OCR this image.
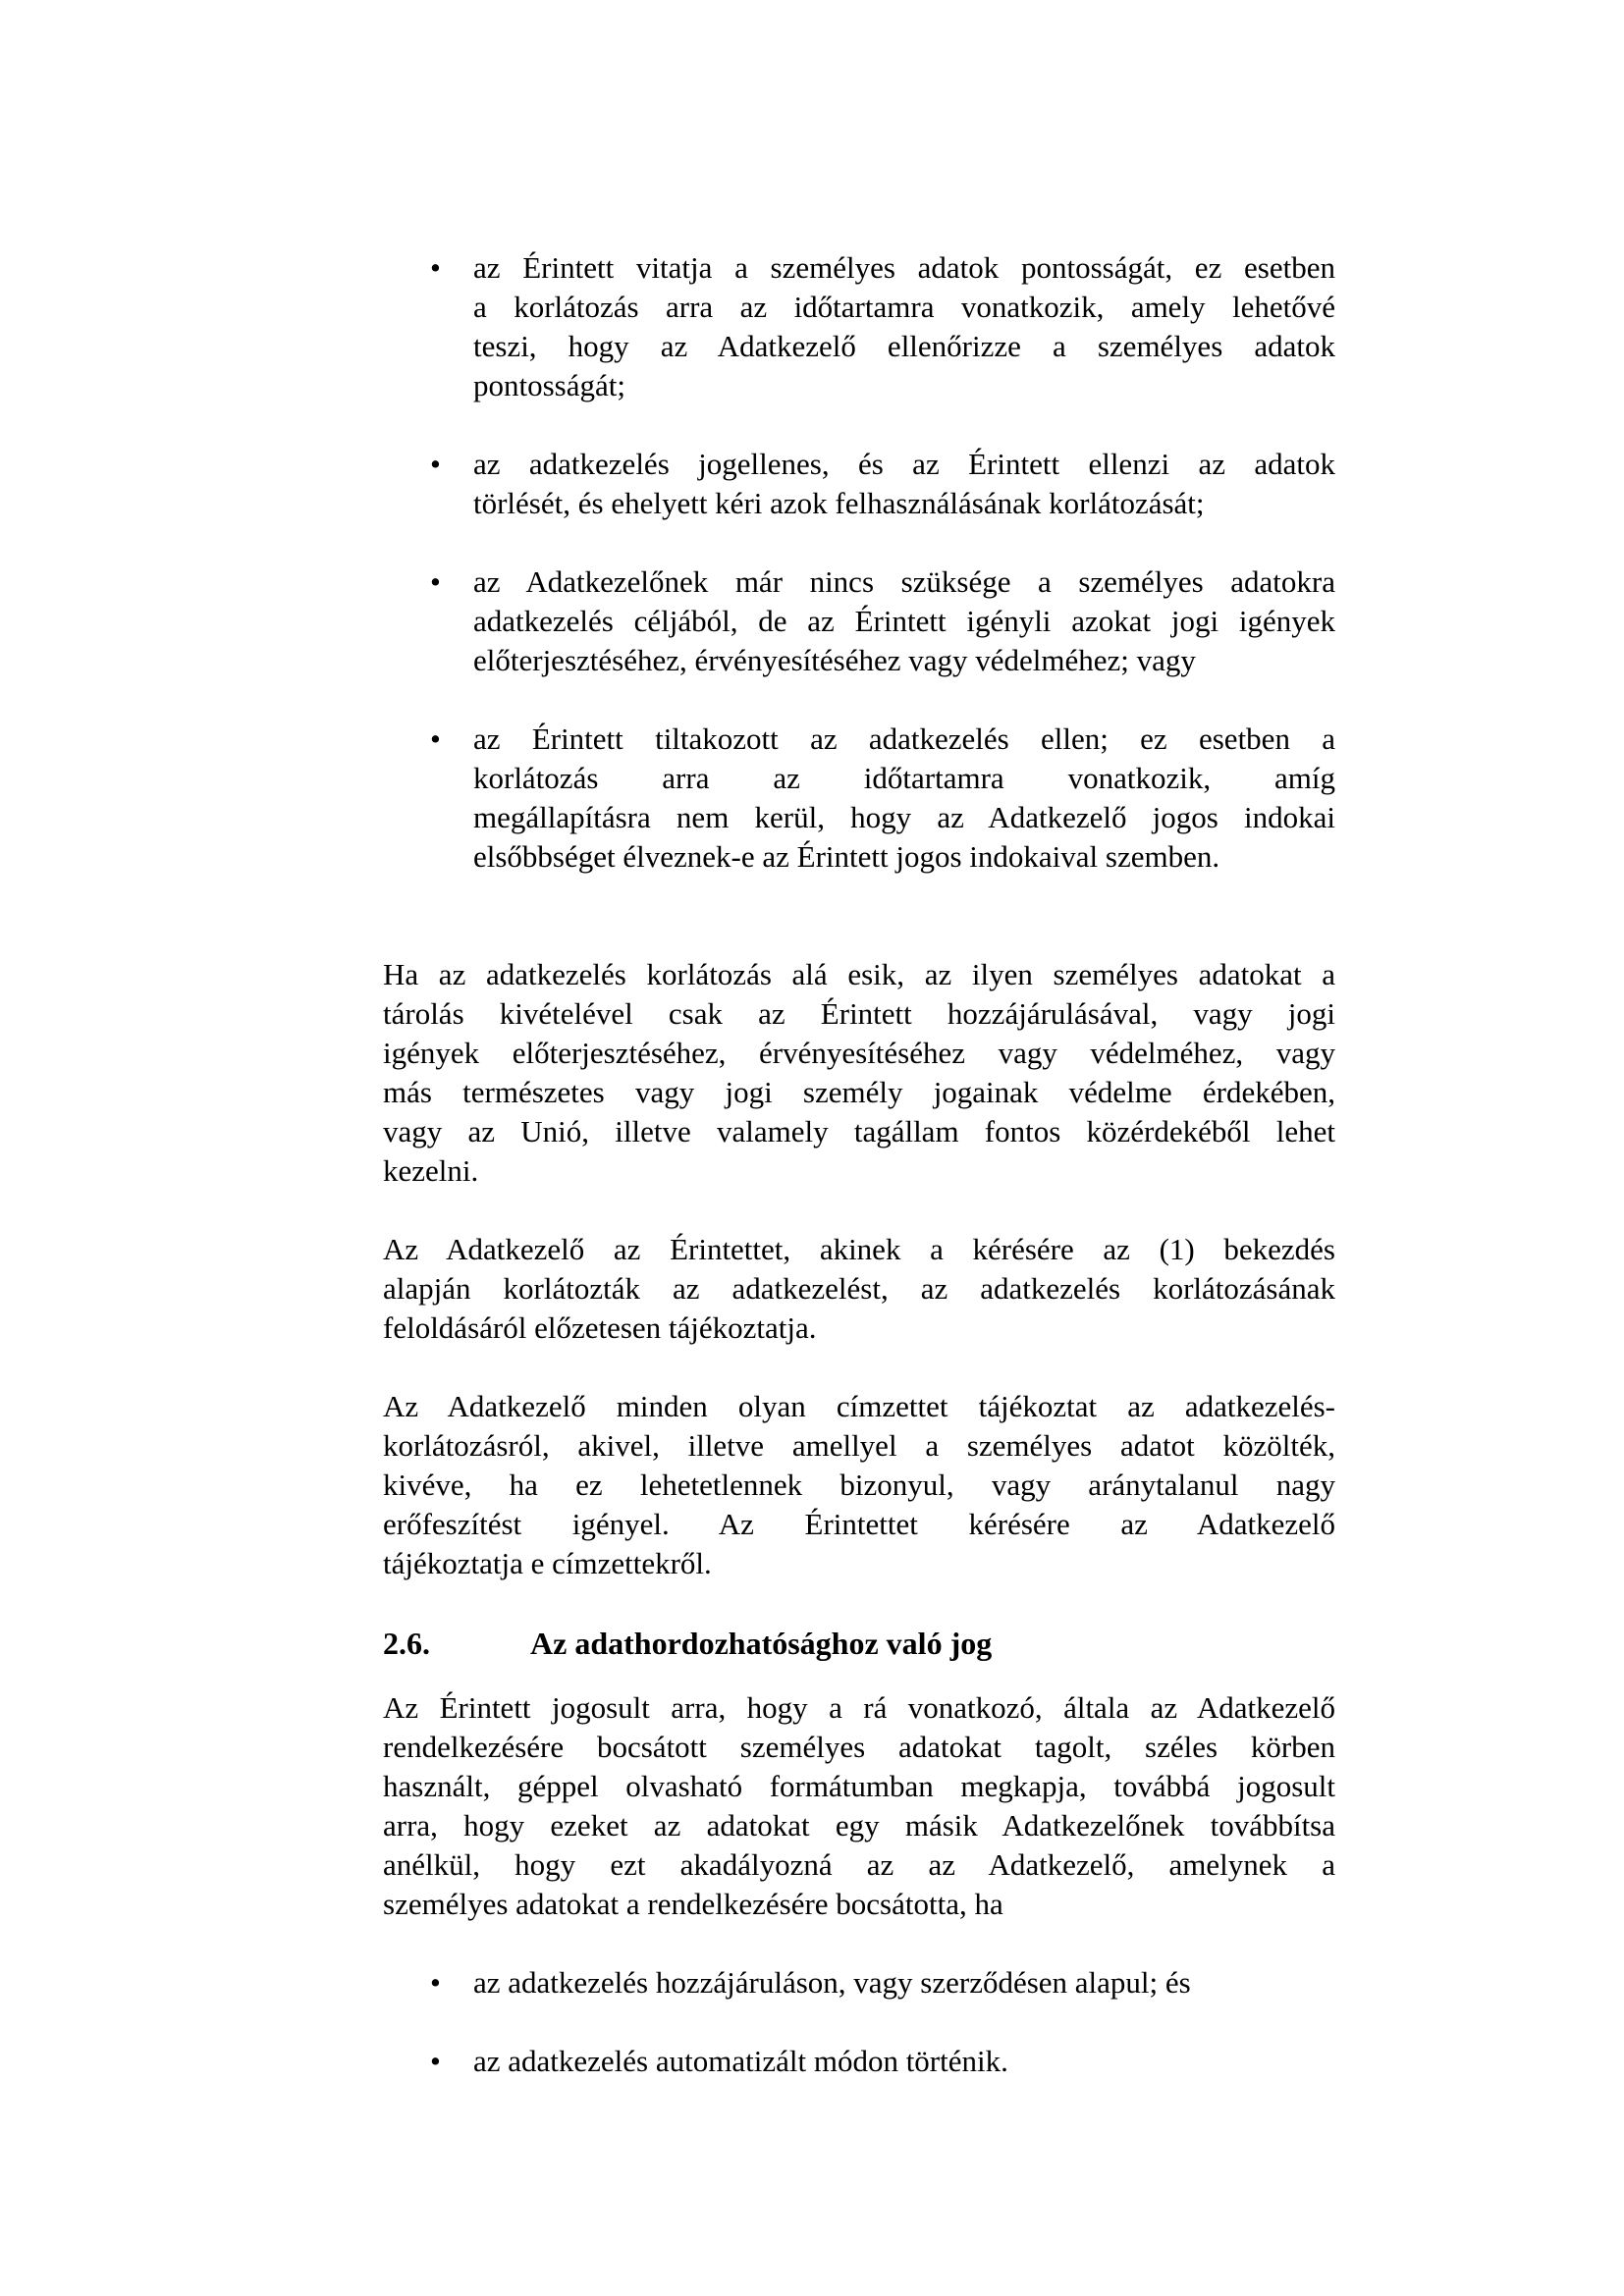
• az Érintett vitatja a személyes adatok pontosságát, ez esetben
a korlátozás arra az időtartamra vonatkozik, amely lehetővé
teszi, hogy az Adatkezelő ellenőrizze a személyes adatok
pontosságát;
• az adatkezelés jogellenes, és az Érintett ellenzi az adatok
törlését, és ehelyett kéri azok felhasználásának korlátozását;
• az Adatkezelőnek már nincs szüksége a személyes adatokra
adatkezelés céljából, de az Érintett igényli azokat jogi igények
előterjesztéséhez, érvényesítéséhez vagy védelméhez; vagy
• az Érintett tiltakozott az adatkezelés ellen; ez esetben a
korlátozás arra az időtartamra vonatkozik, amíg
megállapításra nem kerül, hogy az Adatkezelő jogos indokai
elsőbbséget élveznek-e az Érintett jogos indokaival szemben.
Ha az adatkezelés korlátozás alá esik, az ilyen személyes adatokat a
tárolás kivételével csak az Érintett hozzájárulásával, vagy jogi
igények előterjesztéséhez, érvényesítéséhez vagy védelméhez, vagy
más természetes vagy jogi személy jogainak védelme érdekében,
vagy az Unió, illetve valamely tagállam fontos közérdekéből lehet
kezelni.
Az Adatkezelő az Érintettet, akinek a kérésére az (1) bekezdés
alapján korlátozták az adatkezelést, az adatkezelés korlátozásának
feloldásáról előzetesen tájékoztatja.
Az Adatkezelő minden olyan címzettet tájékoztat az adatkezelés-
korlátozásról, akivel, illetve amellyel a személyes adatot közölték,
kivéve, ha ez lehetetlennek bizonyul, vagy aránytalanul nagy
erőfeszítést igényel. Az Érintettet kérésére az Adatkezelő
tájékoztatja e címzettekről.
2.6.	Az adathordozhatósághoz való jog
Az Érintett jogosult arra, hogy a rá vonatkozó, általa az Adatkezelő
rendelkezésére bocsátott személyes adatokat tagolt, széles körben
használt, géppel olvasható formátumban megkapja, továbbá jogosult
arra, hogy ezeket az adatokat egy másik Adatkezelőnek továbbítsa
anélkül, hogy ezt akadályozná az az Adatkezelő, amelynek a
személyes adatokat a rendelkezésére bocsátotta, ha
• az adatkezelés hozzájáruláson, vagy szerződésen alapul; és
• az adatkezelés automatizált módon történik.
